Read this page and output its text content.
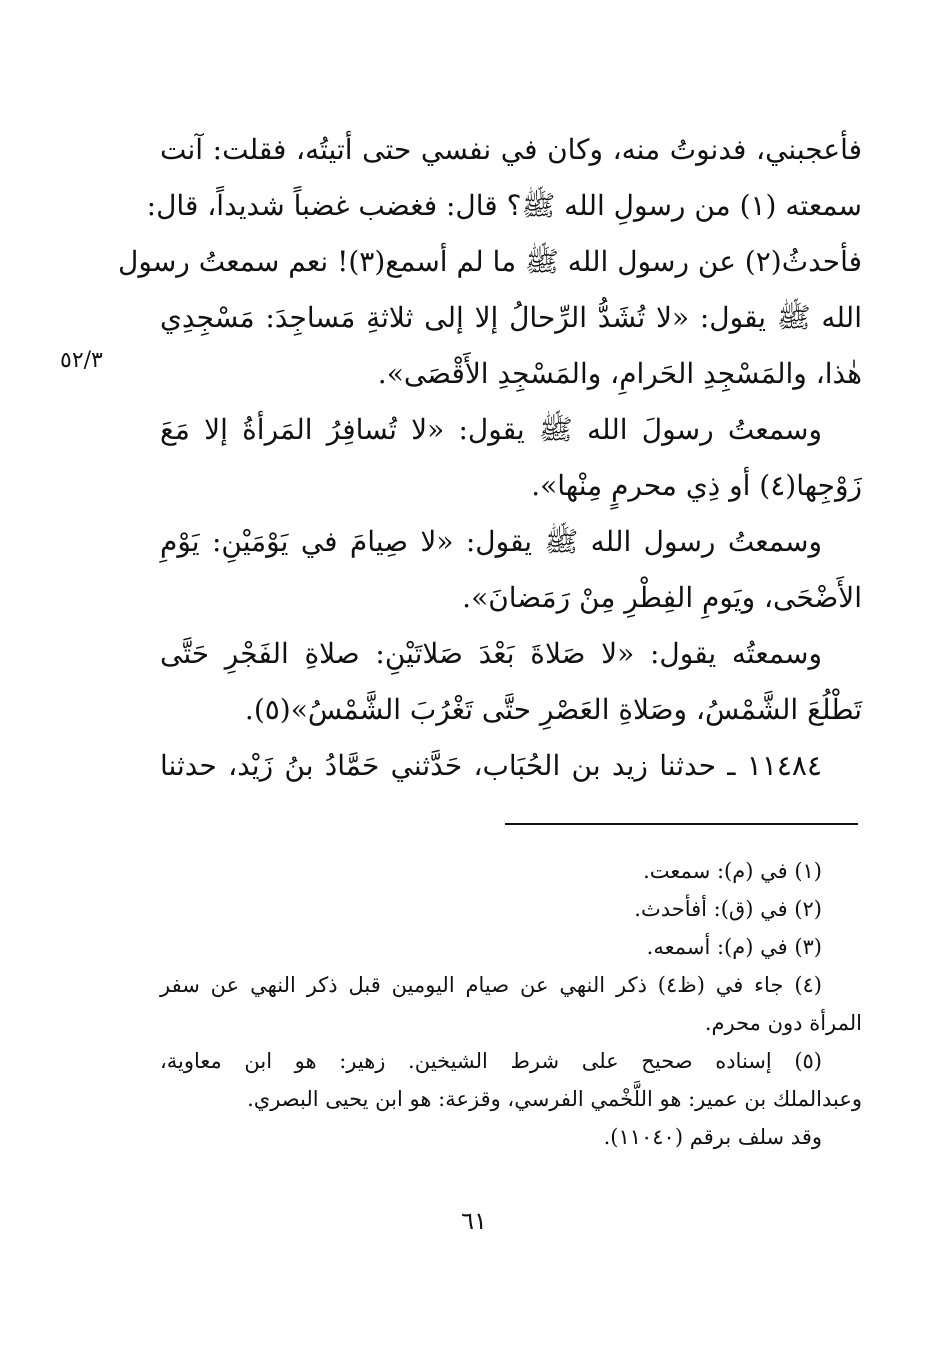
٥٢/٣
فأعجبني، فدنوتُ منه، وكان في نفسي حتى أتيتُه، فقلت: آنت
سمعته (١) من رسولِ الله ﷺ؟ قال: فغضب غضباً شديداً، قال:
فأحدثُ(٢) عن رسول الله ﷺ ما لم أسمع(٣)! نعم سمعتُ رسول
الله ﷺ يقول: «لا تُشَدُّ الرِّحالُ إلا إلى ثلاثةِ مَساجِدَ: مَسْجِدِي
هٰذا، والمَسْجِدِ الحَرامِ، والمَسْجِدِ الأَقْصَى».
وسمعتُ رسولَ الله ﷺ يقول: «لا تُسافِرُ المَرأةُ إلا مَعَ
زَوْجِها(٤) أو ذِي محرمٍ مِنْها».
وسمعتُ رسول الله ﷺ يقول: «لا صِيامَ في يَوْمَيْنِ: يَوْمِ
الأَضْحَى، ويَومِ الفِطْرِ مِنْ رَمَضانَ».
وسمعتُه يقول: «لا صَلاةَ بَعْدَ صَلاتَيْنِ: صلاةِ الفَجْرِ حَتَّى
تَطْلُعَ الشَّمْسُ، وصَلاةِ العَصْرِ حتَّى تَغْرُبَ الشَّمْسُ»(٥).
١١٤٨٤ ـ حدثنا زيد بن الحُبَاب، حَدَّثني حَمَّادُ بنُ زَيْد، حدثنا
(١) في (م): سمعت.
(٢) في (ق): أفأحدث.
(٣) في (م): أسمعه.
(٤) جاء في (ظ٤) ذكر النهي عن صيام اليومين قبل ذكر النهي عن سفر
المرأة دون محرم.
(٥) إسناده صحيح على شرط الشيخين. زهير: هو ابن معاوية،
وعبدالملك بن عمير: هو اللَّخْمي الفرسي، وقزعة: هو ابن يحيى البصري.
وقد سلف برقم (١١٠٤٠).
٦١
